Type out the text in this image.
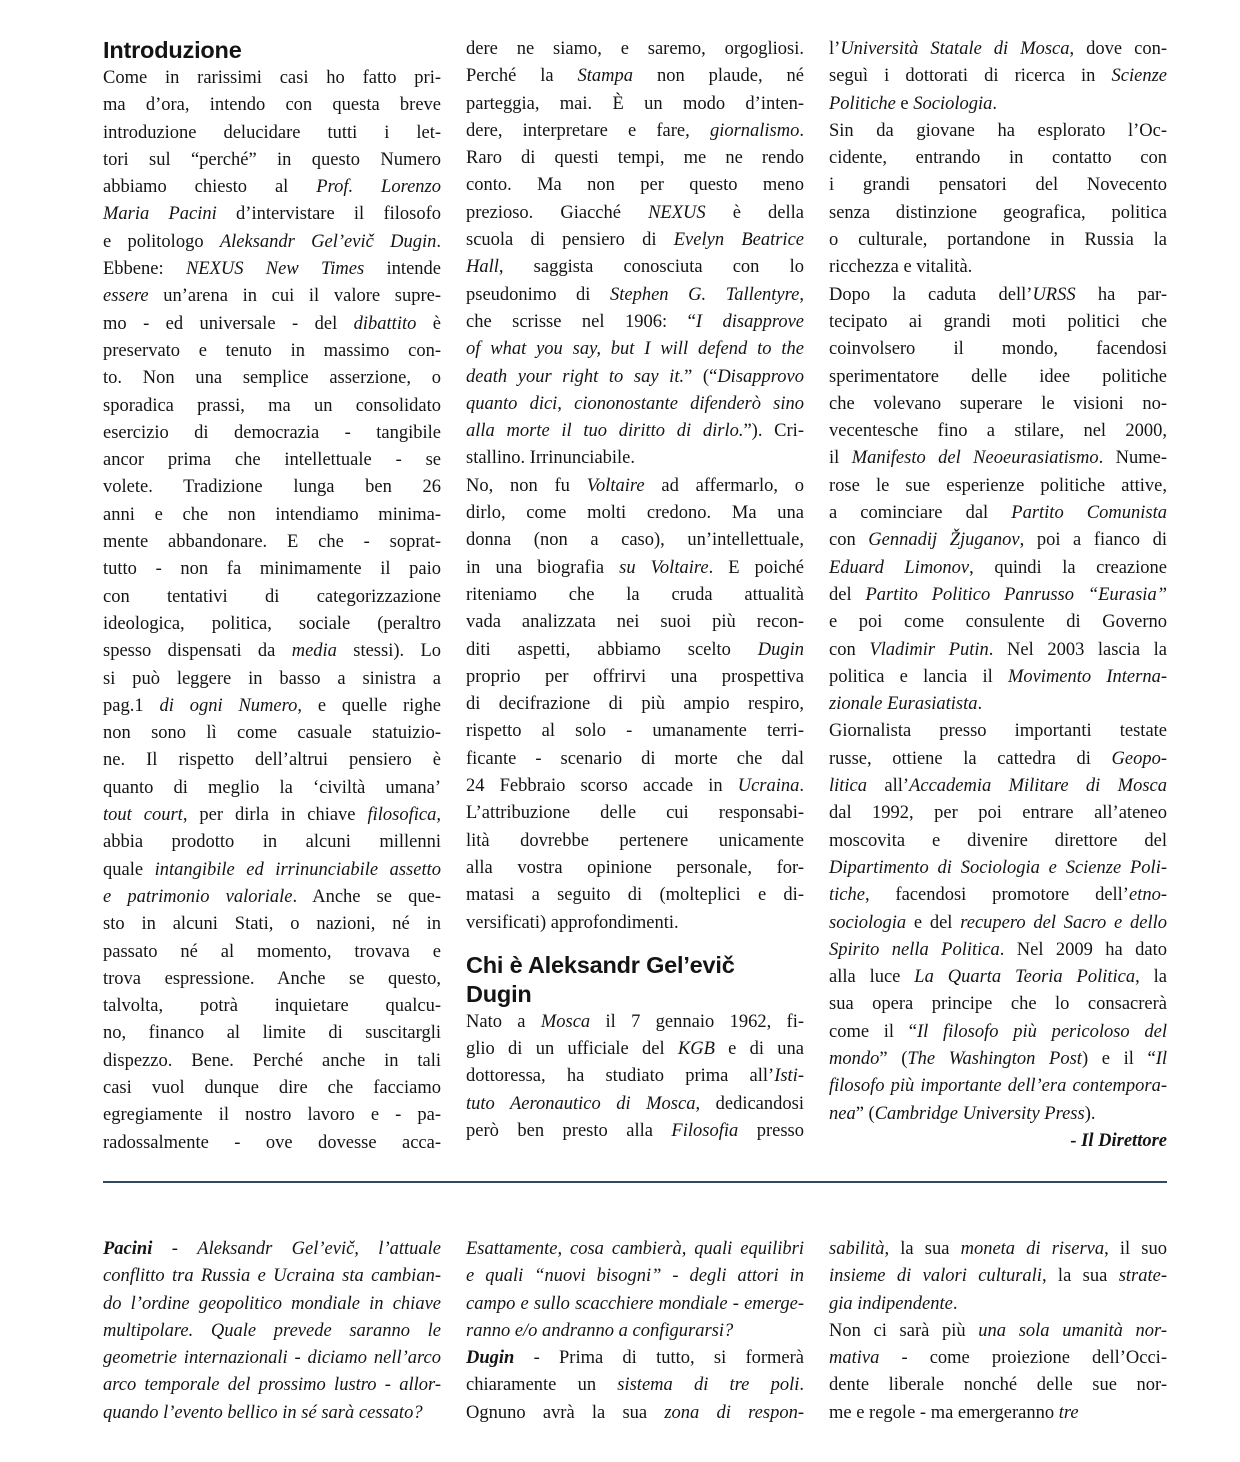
Introduzione
Come in rarissimi casi ho fatto pri-
ma d’ora, intendo con questa breve
introduzione delucidare tutti i let-
tori sul “perché” in questo Numero
abbiamo chiesto al Prof. Lorenzo
Maria Pacini d’intervistare il filosofo
e politologo Aleksandr Gel’evič Dugin.
Ebbene: NEXUS New Times intende
essere un’arena in cui il valore supre-
mo - ed universale - del dibattito è
preservato e tenuto in massimo con-
to. Non una semplice asserzione, o
sporadica prassi, ma un consolidato
esercizio di democrazia - tangibile
ancor prima che intellettuale - se
volete. Tradizione lunga ben 26
anni e che non intendiamo minima-
mente abbandonare. E che - soprat-
tutto - non fa minimamente il paio
con tentativi di categorizzazione
ideologica, politica, sociale (peraltro
spesso dispensati da media stessi). Lo
si può leggere in basso a sinistra a
pag.1 di ogni Numero, e quelle righe
non sono lì come casuale statuizio-
ne. Il rispetto dell’altrui pensiero è
quanto di meglio la ‘civiltà umana’
tout court, per dirla in chiave filosofica,
abbia prodotto in alcuni millenni
quale intangibile ed irrinunciabile assetto
e patrimonio valoriale. Anche se que-
sto in alcuni Stati, o nazioni, né in
passato né al momento, trovava e
trova espressione. Anche se questo,
talvolta, potrà inquietare qualcu-
no, financo al limite di suscitargli
dispezzo. Bene. Perché anche in tali
casi vuol dunque dire che facciamo
egregiamente il nostro lavoro e - pa-
radossalmente - ove dovesse acca-
dere ne siamo, e saremo, orgogliosi.
Perché la Stampa non plaude, né
parteggia, mai. È un modo d’inten-
dere, interpretare e fare, giornalismo.
Raro di questi tempi, me ne rendo
conto. Ma non per questo meno
prezioso. Giacché NEXUS è della
scuola di pensiero di Evelyn Beatrice
Hall, saggista conosciuta con lo
pseudonimo di Stephen G. Tallentyre,
che scrisse nel 1906: “I disapprove
of what you say, but I will defend to the
death your right to say it.” (“Disapprovo
quanto dici, ciononostante difenderò sino
alla morte il tuo diritto di dirlo.”). Cri-
stallino. Irrinunciabile.
No, non fu Voltaire ad affermarlo, o
dirlo, come molti credono. Ma una
donna (non a caso), un’intellettuale,
in una biografia su Voltaire. E poiché
riteniamo che la cruda attualità
vada analizzata nei suoi più recon-
diti aspetti, abbiamo scelto Dugin
proprio per offrirvi una prospettiva
di decifrazione di più ampio respiro,
rispetto al solo - umanamente terri-
ficante - scenario di morte che dal
24 Febbraio scorso accade in Ucraina.
L’attribuzione delle cui responsabi-
lità dovrebbe pertenere unicamente
alla vostra opinione personale, for-
matasi a seguito di (molteplici e di-
versificati) approfondimenti.
Chi è Aleksandr Gel’evič
Dugin
Nato a Mosca il 7 gennaio 1962, fi-
glio di un ufficiale del KGB e di una
dottoressa, ha studiato prima all’Isti-
tuto Aeronautico di Mosca, dedicandosi
però ben presto alla Filosofia presso
l’Università Statale di Mosca, dove con-
seguì i dottorati di ricerca in Scienze
Politiche e Sociologia.
Sin da giovane ha esplorato l’Oc-
cidente, entrando in contatto con
i grandi pensatori del Novecento
senza distinzione geografica, politica
o culturale, portandone in Russia la
ricchezza e vitalità.
Dopo la caduta dell’URSS ha par-
tecipato ai grandi moti politici che
coinvolsero il mondo, facendosi
sperimentatore delle idee politiche
che volevano superare le visioni no-
vecentesche fino a stilare, nel 2000,
il Manifesto del Neoeurasiatismo. Nume-
rose le sue esperienze politiche attive,
a cominciare dal Partito Comunista
con Gennadij Žjuganov, poi a fianco di
Eduard Limonov, quindi la creazione
del Partito Politico Panrusso “Eurasia”
e poi come consulente di Governo
con Vladimir Putin. Nel 2003 lascia la
politica e lancia il Movimento Interna-
zionale Eurasiatista.
Giornalista presso importanti testate
russe, ottiene la cattedra di Geopo-
litica all’Accademia Militare di Mosca
dal 1992, per poi entrare all’ateneo
moscovita e divenire direttore del
Dipartimento di Sociologia e Scienze Poli-
tiche, facendosi promotore dell’etno-
sociologia e del recupero del Sacro e dello
Spirito nella Politica. Nel 2009 ha dato
alla luce La Quarta Teoria Politica, la
sua opera principe che lo consacrerà
come il “Il filosofo più pericoloso del
mondo” (The Washington Post) e il “Il
filosofo più importante dell’era contempora-
nea” (Cambridge University Press).
- Il Direttore
Pacini - Aleksandr Gel’evič, l’attuale
conflitto tra Russia e Ucraina sta cambian-
do l’ordine geopolitico mondiale in chiave
multipolare. Quale prevede saranno le
geometrie internazionali - diciamo nell’arco
arco temporale del prossimo lustro - allor-
quando l’evento bellico in sé sarà cessato?
Esattamente, cosa cambierà, quali equilibri
e quali “nuovi bisogni” - degli attori in
campo e sullo scacchiere mondiale - emerge-
ranno e/o andranno a configurarsi?
Dugin - Prima di tutto, si formerà
chiaramente un sistema di tre poli.
Ognuno avrà la sua zona di respon-
sabilità, la sua moneta di riserva, il suo
insieme di valori culturali, la sua strate-
gia indipendente.
Non ci sarà più una sola umanità nor-
mativa - come proiezione dell’Occi-
dente liberale nonché delle sue nor-
me e regole - ma emergeranno tre
